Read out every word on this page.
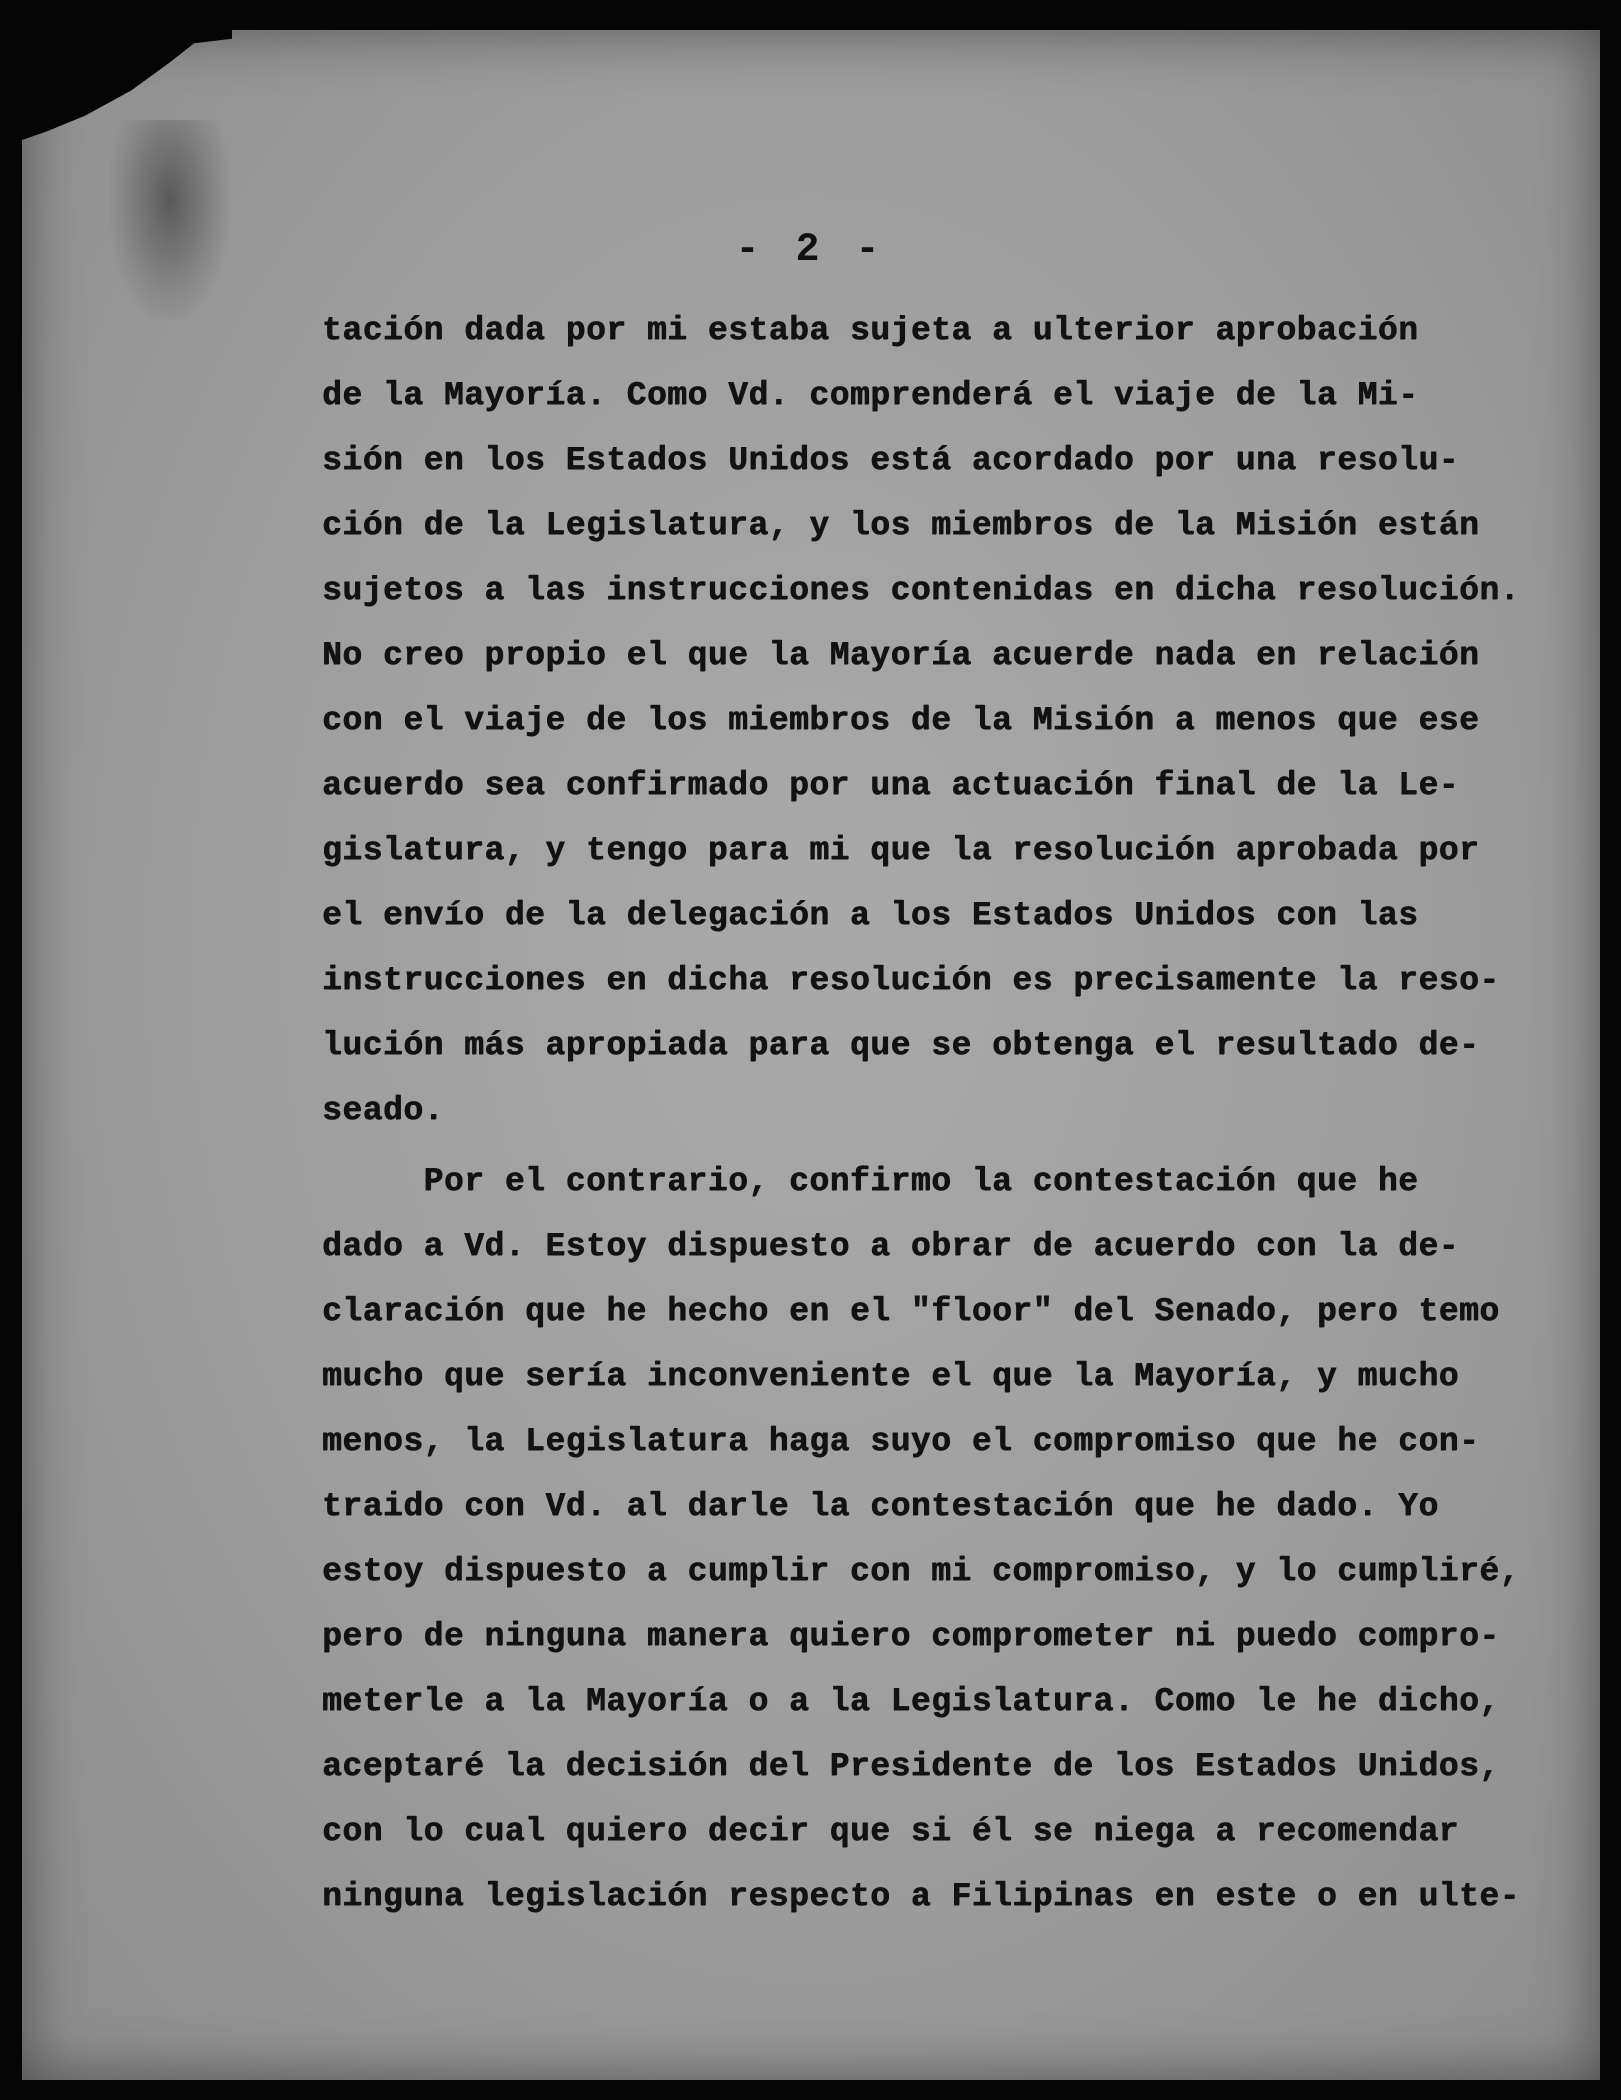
- 2 -
tación dada por mi estaba sujeta a ulterior aprobación
de la Mayoría. Como Vd. comprenderá el viaje de la Mi-
sión en los Estados Unidos está acordado por una resolu-
ción de la Legislatura, y los miembros de la Misión están
sujetos a las instrucciones contenidas en dicha resolución.
No creo propio el que la Mayoría acuerde nada en relación
con el viaje de los miembros de la Misión a menos que ese
acuerdo sea confirmado por una actuación final de la Le-
gislatura, y tengo para mi que la resolución aprobada por
el envío de la delegación a los Estados Unidos con las
instrucciones en dicha resolución es precisamente la reso-
lución más apropiada para que se obtenga el resultado de-
seado.
Por el contrario, confirmo la contestación que he
dado a Vd. Estoy dispuesto a obrar de acuerdo con la de-
claración que he hecho en el "floor" del Senado, pero temo
mucho que sería inconveniente el que la Mayoría, y mucho
menos, la Legislatura haga suyo el compromiso que he con-
traido con Vd. al darle la contestación que he dado. Yo
estoy dispuesto a cumplir con mi compromiso, y lo cumpliré,
pero de ninguna manera quiero comprometer ni puedo compro-
meterle a la Mayoría o a la Legislatura. Como le he dicho,
aceptaré la decisión del Presidente de los Estados Unidos,
con lo cual quiero decir que si él se niega a recomendar
ninguna legislación respecto a Filipinas en este o en ulte-
